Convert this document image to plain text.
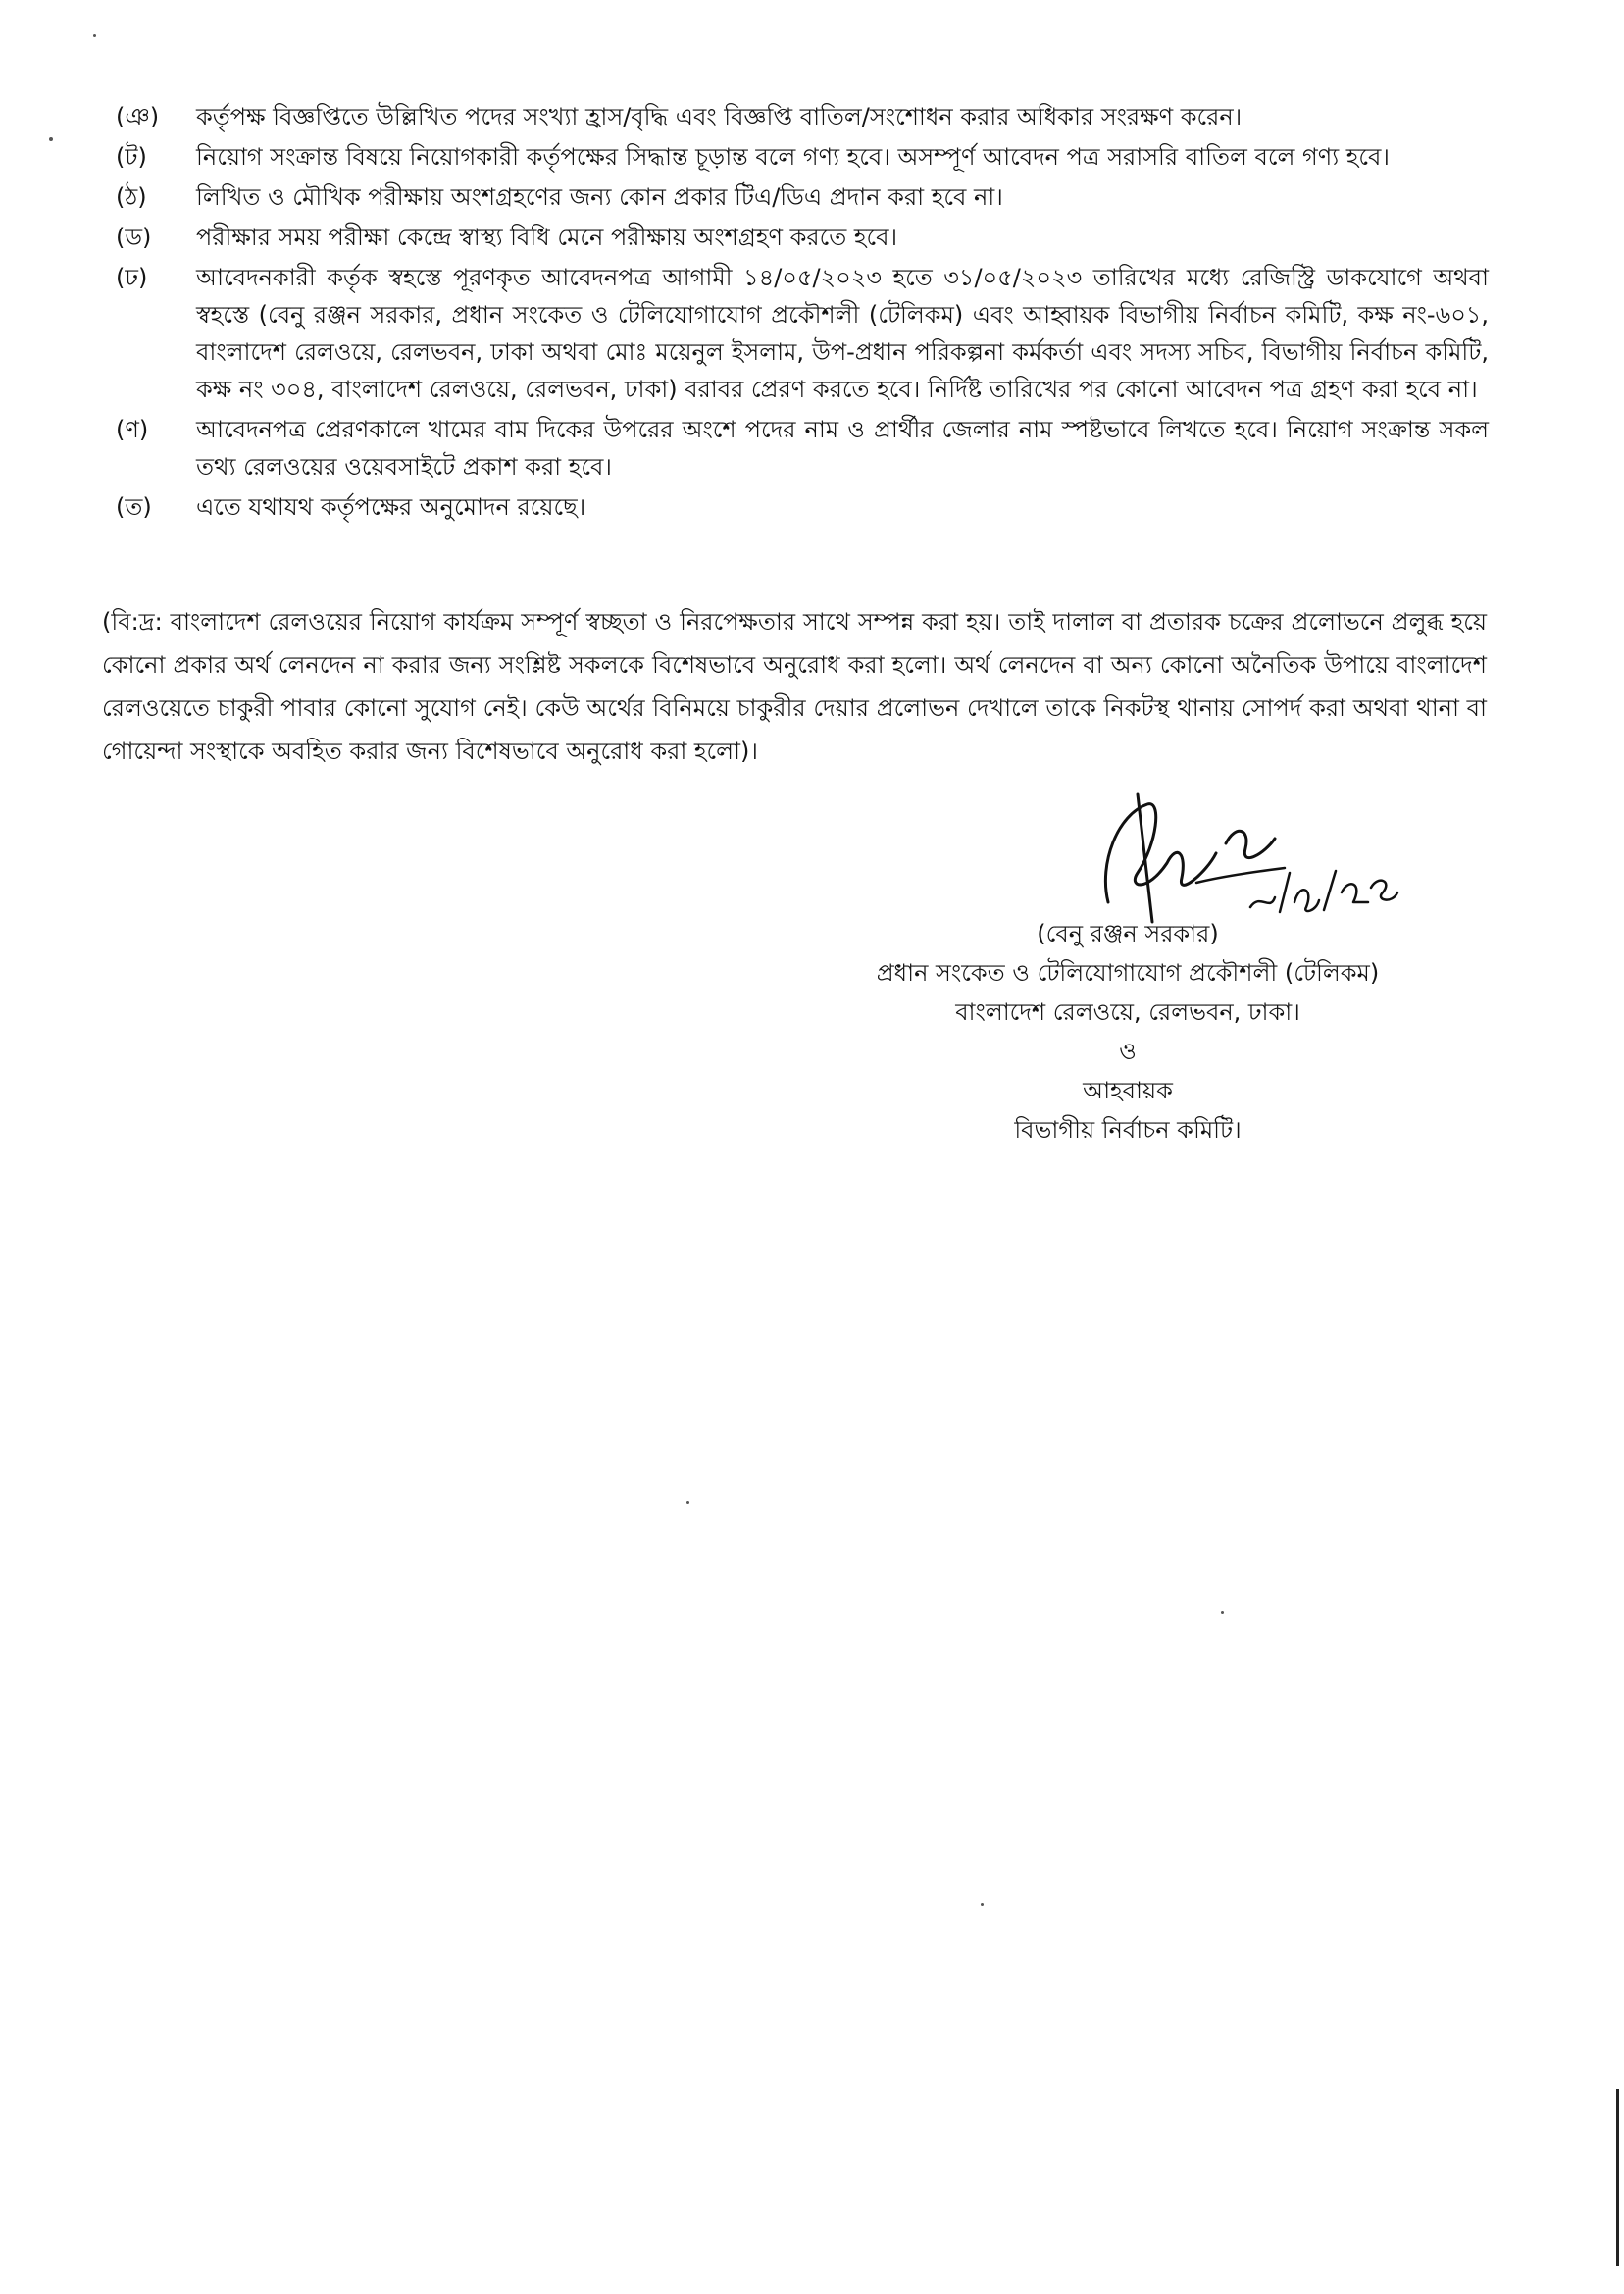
(ঞ)	কর্তৃপক্ষ বিজ্ঞপ্তিতে উল্লিখিত পদের সংখ্যা হ্রাস/বৃদ্ধি এবং বিজ্ঞপ্তি বাতিল/সংশোধন করার অধিকার সংরক্ষণ করেন।
(ট)	নিয়োগ সংক্রান্ত বিষয়ে নিয়োগকারী কর্তৃপক্ষের সিদ্ধান্ত চূড়ান্ত বলে গণ্য হবে। অসম্পূর্ণ আবেদন পত্র সরাসরি বাতিল বলে গণ্য হবে।
(ঠ)	লিখিত ও মৌখিক পরীক্ষায় অংশগ্রহণের জন্য কোন প্রকার টিএ/ডিএ প্রদান করা হবে না।
(ড)	পরীক্ষার সময় পরীক্ষা কেন্দ্রে স্বাস্থ্য বিধি মেনে পরীক্ষায় অংশগ্রহণ করতে হবে।
(ঢ)	আবেদনকারী কর্তৃক স্বহস্তে পূরণকৃত আবেদনপত্র আগামী ১৪/০৫/২০২৩ হতে ৩১/০৫/২০২৩ তারিখের মধ্যে রেজিস্ট্রি ডাকযোগে অথবা স্বহস্তে (বেনু রঞ্জন সরকার, প্রধান সংকেত ও টেলিযোগাযোগ প্রকৌশলী (টেলিকম) এবং আহ্বায়ক বিভাগীয় নির্বাচন কমিটি, কক্ষ নং-৬০১, বাংলাদেশ রেলওয়ে, রেলভবন, ঢাকা অথবা মোঃ ময়েনুল ইসলাম, উপ-প্রধান পরিকল্পনা কর্মকর্তা এবং সদস্য সচিব, বিভাগীয় নির্বাচন কমিটি, কক্ষ নং ৩০৪, বাংলাদেশ রেলওয়ে, রেলভবন, ঢাকা) বরাবর প্রেরণ করতে হবে। নির্দিষ্ট তারিখের পর কোনো আবেদন পত্র গ্রহণ করা হবে না।
(ণ)	আবেদনপত্র প্রেরণকালে খামের বাম দিকের উপরের অংশে পদের নাম ও প্রার্থীর জেলার নাম স্পষ্টভাবে লিখতে হবে। নিয়োগ সংক্রান্ত সকল তথ্য রেলওয়ের ওয়েবসাইটে প্রকাশ করা হবে।
(ত)	এতে যথাযথ কর্তৃপক্ষের অনুমোদন রয়েছে।
(বি:দ্র: বাংলাদেশ রেলওয়ের নিয়োগ কার্যক্রম সম্পূর্ণ স্বচ্ছতা ও নিরপেক্ষতার সাথে সম্পন্ন করা হয়। তাই দালাল বা প্রতারক চক্রের প্রলোভনে প্রলুব্ধ হয়ে কোনো প্রকার অর্থ লেনদেন না করার জন্য সংশ্লিষ্ট সকলকে বিশেষভাবে অনুরোধ করা হলো। অর্থ লেনদেন বা অন্য কোনো অনৈতিক উপায়ে বাংলাদেশ রেলওয়েতে চাকুরী পাবার কোনো সুযোগ নেই। কেউ অর্থের বিনিময়ে চাকুরীর দেয়ার প্রলোভন দেখালে তাকে নিকটস্থ থানায় সোপর্দ করা অথবা থানা বা গোয়েন্দা সংস্থাকে অবহিত করার জন্য বিশেষভাবে অনুরোধ করা হলো)।
(বেনু রঞ্জন সরকার)
প্রধান সংকেত ও টেলিযোগাযোগ প্রকৌশলী (টেলিকম)
বাংলাদেশ রেলওয়ে, রেলভবন, ঢাকা।
ও
আহবায়ক
বিভাগীয় নির্বাচন কমিটি।
